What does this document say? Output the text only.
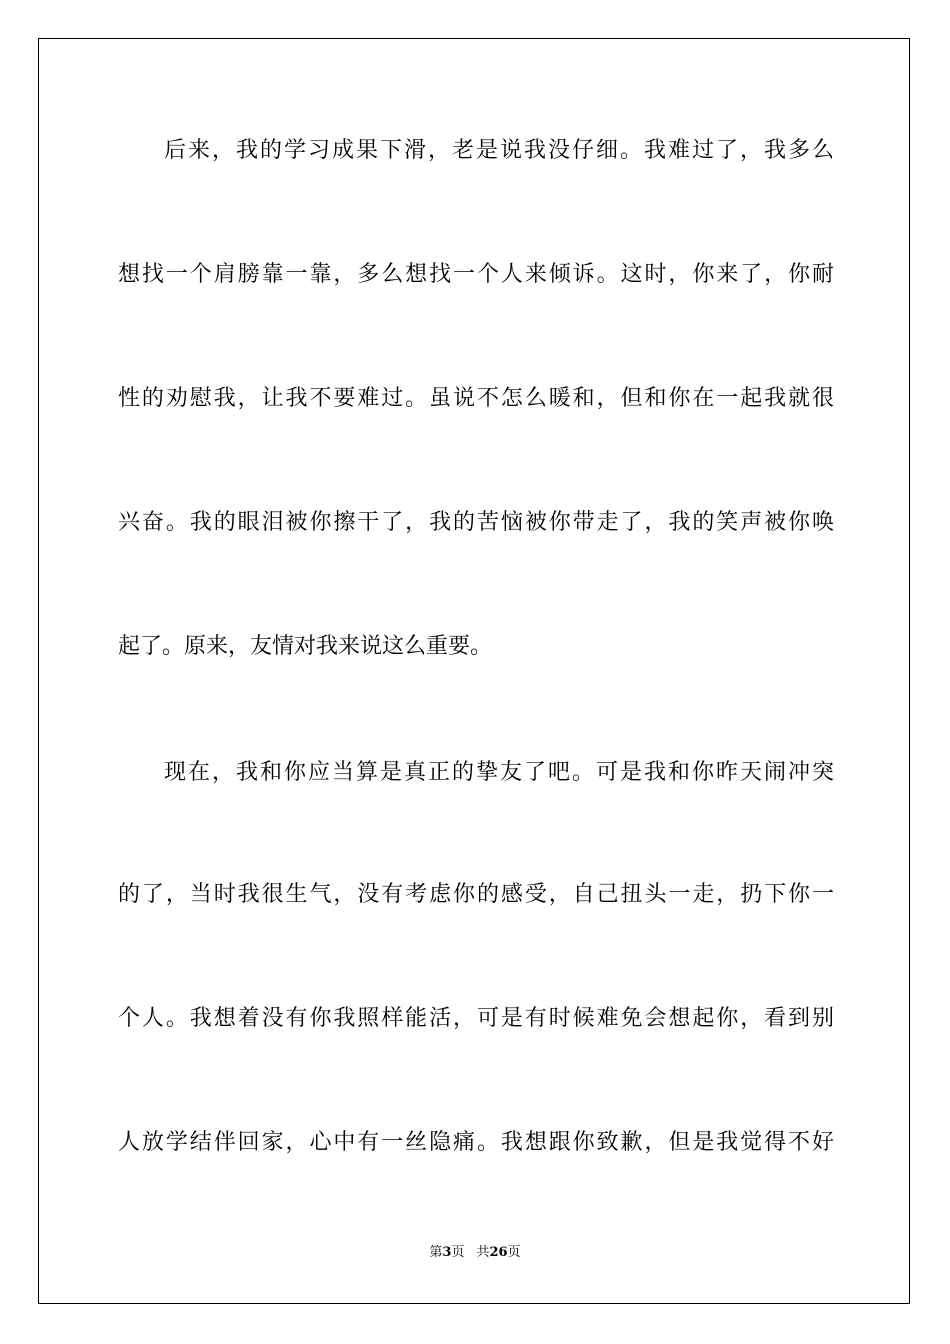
后来，我的学习成果下滑，老是说我没仔细。我难过了，我多么
想找一个肩膀靠一靠，多么想找一个人来倾诉。这时，你来了，你耐
性的劝慰我，让我不要难过。虽说不怎么暖和，但和你在一起我就很
兴奋。我的眼泪被你擦干了，我的苦恼被你带走了，我的笑声被你唤
起了。原来，友情对我来说这么重要。
现在，我和你应当算是真正的挚友了吧。可是我和你昨天闹冲突
的了，当时我很生气，没有考虑你的感受，自己扭头一走，扔下你一
个人。我想着没有你我照样能活，可是有时候难免会想起你，看到别
人放学结伴回家，心中有一丝隐痛。我想跟你致歉，但是我觉得不好
第3页 共26页
